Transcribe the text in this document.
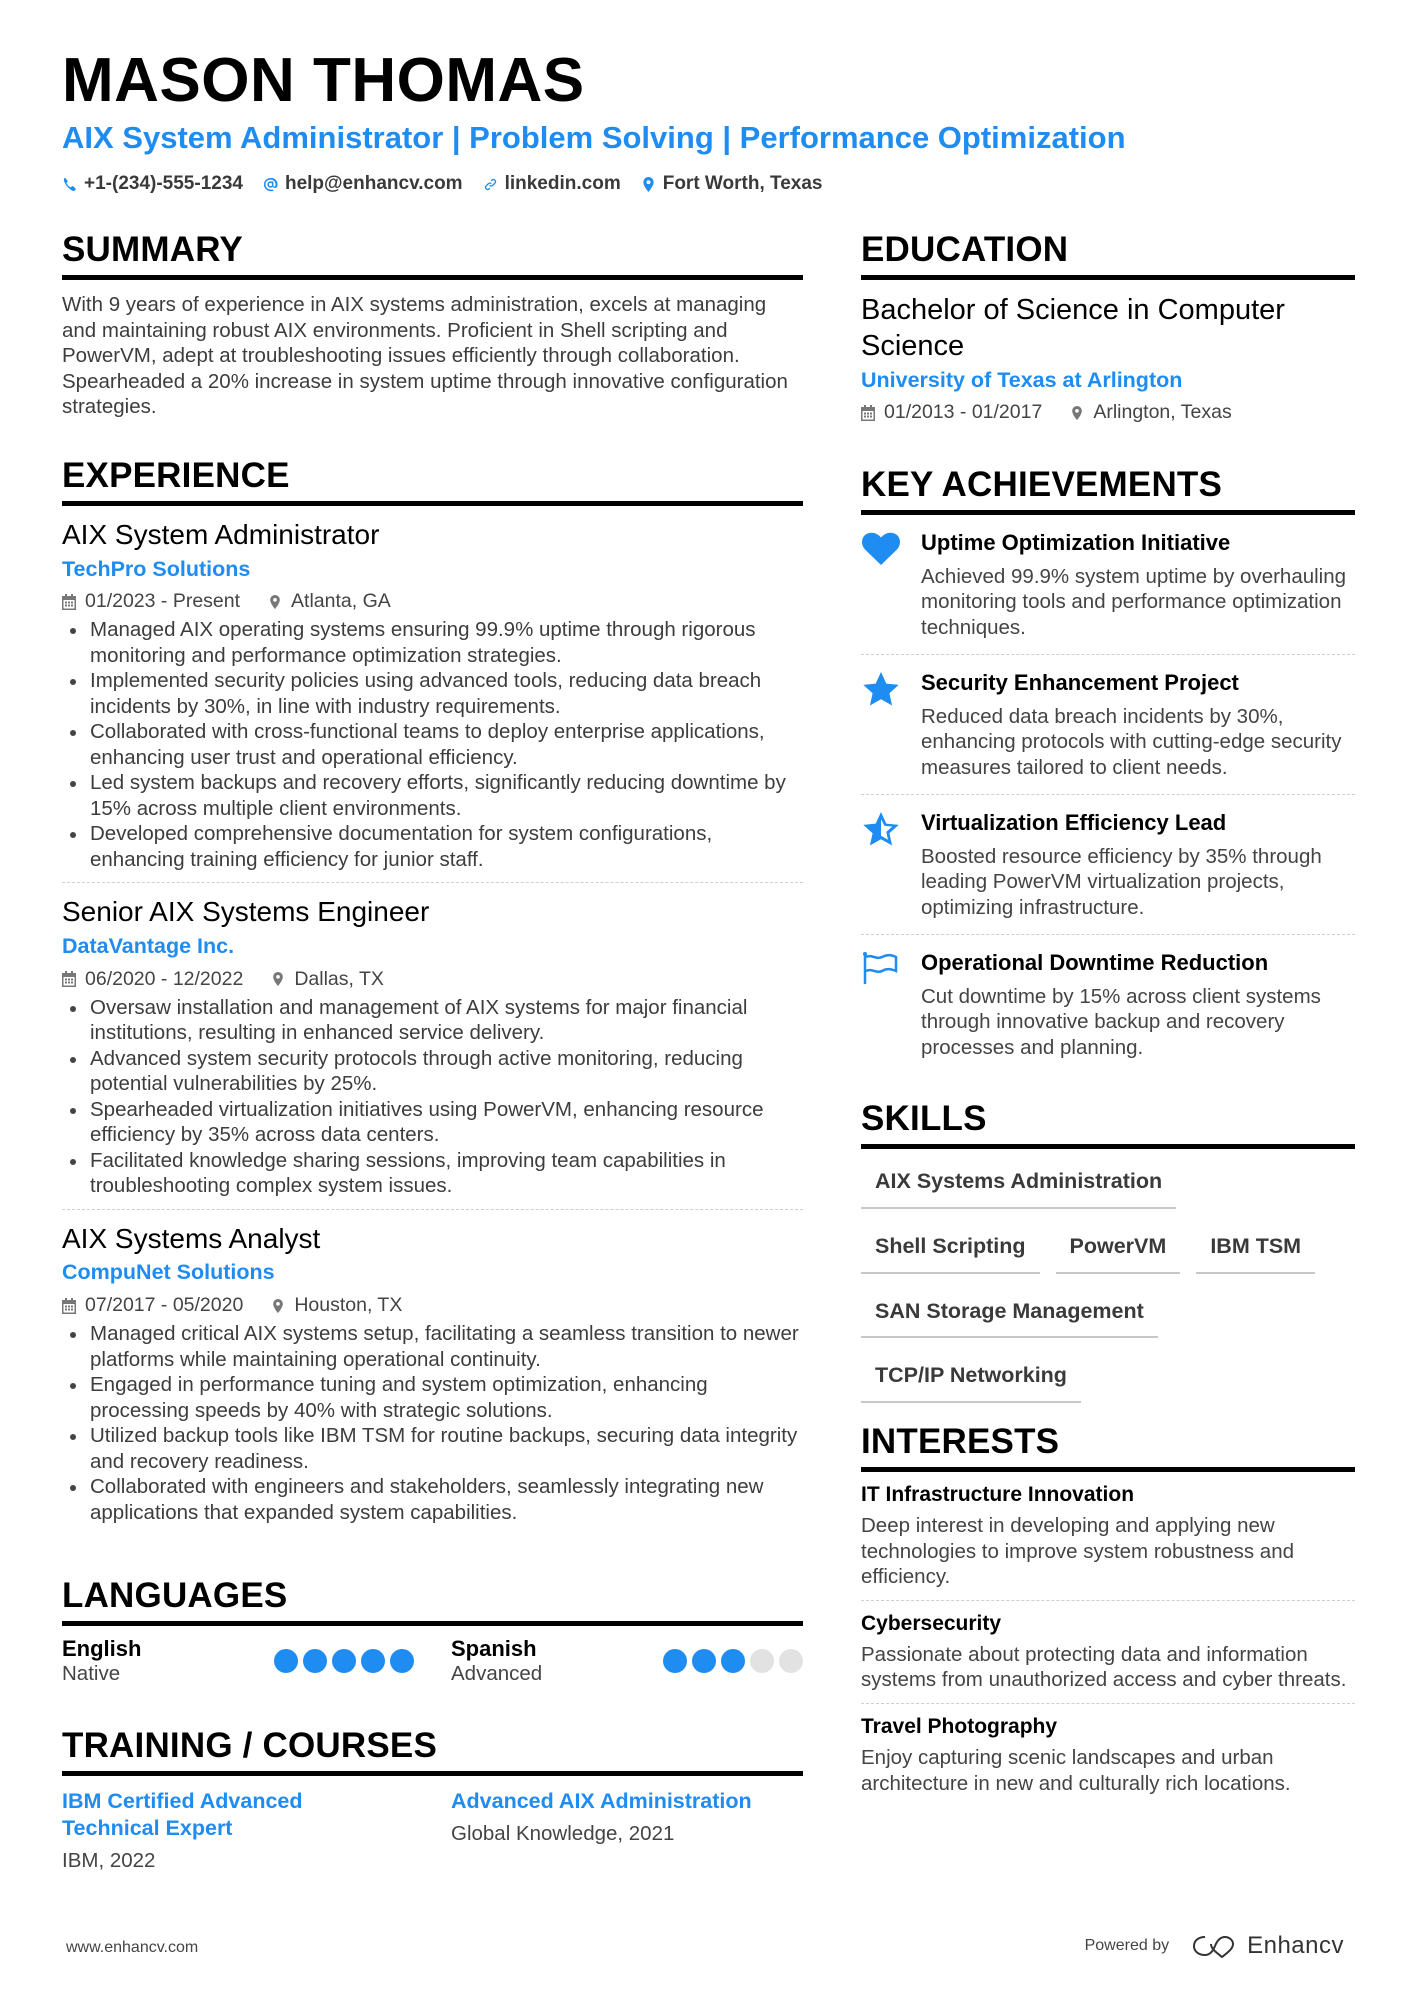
MASON THOMAS
AIX System Administrator | Problem Solving | Performance Optimization
+1-(234)-555-1234 help@enhancv.com linkedin.com Fort Worth, Texas
SUMMARY
With 9 years of experience in AIX systems administration, excels at managing and maintaining robust AIX environments. Proficient in Shell scripting and PowerVM, adept at troubleshooting issues efficiently through collaboration. Spearheaded a 20% increase in system uptime through innovative configuration strategies.
EXPERIENCE
AIX System Administrator
TechPro Solutions
01/2023 - Present	Atlanta, GA
Managed AIX operating systems ensuring 99.9% uptime through rigorous monitoring and performance optimization strategies.
Implemented security policies using advanced tools, reducing data breach incidents by 30%, in line with industry requirements.
Collaborated with cross-functional teams to deploy enterprise applications, enhancing user trust and operational efficiency.
Led system backups and recovery efforts, significantly reducing downtime by 15% across multiple client environments.
Developed comprehensive documentation for system configurations, enhancing training efficiency for junior staff.
Senior AIX Systems Engineer
DataVantage Inc.
06/2020 - 12/2022	Dallas, TX
Oversaw installation and management of AIX systems for major financial institutions, resulting in enhanced service delivery.
Advanced system security protocols through active monitoring, reducing potential vulnerabilities by 25%.
Spearheaded virtualization initiatives using PowerVM, enhancing resource efficiency by 35% across data centers.
Facilitated knowledge sharing sessions, improving team capabilities in troubleshooting complex system issues.
AIX Systems Analyst
CompuNet Solutions
07/2017 - 05/2020	Houston, TX
Managed critical AIX systems setup, facilitating a seamless transition to newer platforms while maintaining operational continuity.
Engaged in performance tuning and system optimization, enhancing processing speeds by 40% with strategic solutions.
Utilized backup tools like IBM TSM for routine backups, securing data integrity and recovery readiness.
Collaborated with engineers and stakeholders, seamlessly integrating new applications that expanded system capabilities.
LANGUAGES
English
Native
Spanish
Advanced
TRAINING / COURSES
IBM Certified Advanced Technical Expert
IBM, 2022
Advanced AIX Administration
Global Knowledge, 2021
EDUCATION
Bachelor of Science in Computer Science
University of Texas at Arlington
01/2013 - 01/2017	Arlington, Texas
KEY ACHIEVEMENTS
Uptime Optimization Initiative
Achieved 99.9% system uptime by overhauling monitoring tools and performance optimization techniques.
Security Enhancement Project
Reduced data breach incidents by 30%, enhancing protocols with cutting-edge security measures tailored to client needs.
Virtualization Efficiency Lead
Boosted resource efficiency by 35% through leading PowerVM virtualization projects, optimizing infrastructure.
Operational Downtime Reduction
Cut downtime by 15% across client systems through innovative backup and recovery processes and planning.
SKILLS
AIX Systems Administration
Shell Scripting	PowerVM	IBM TSM
SAN Storage Management
TCP/IP Networking
INTERESTS
IT Infrastructure Innovation
Deep interest in developing and applying new technologies to improve system robustness and efficiency.
Cybersecurity
Passionate about protecting data and information systems from unauthorized access and cyber threats.
Travel Photography
Enjoy capturing scenic landscapes and urban architecture in new and culturally rich locations.
www.enhancv.com	Powered by	Enhancv
